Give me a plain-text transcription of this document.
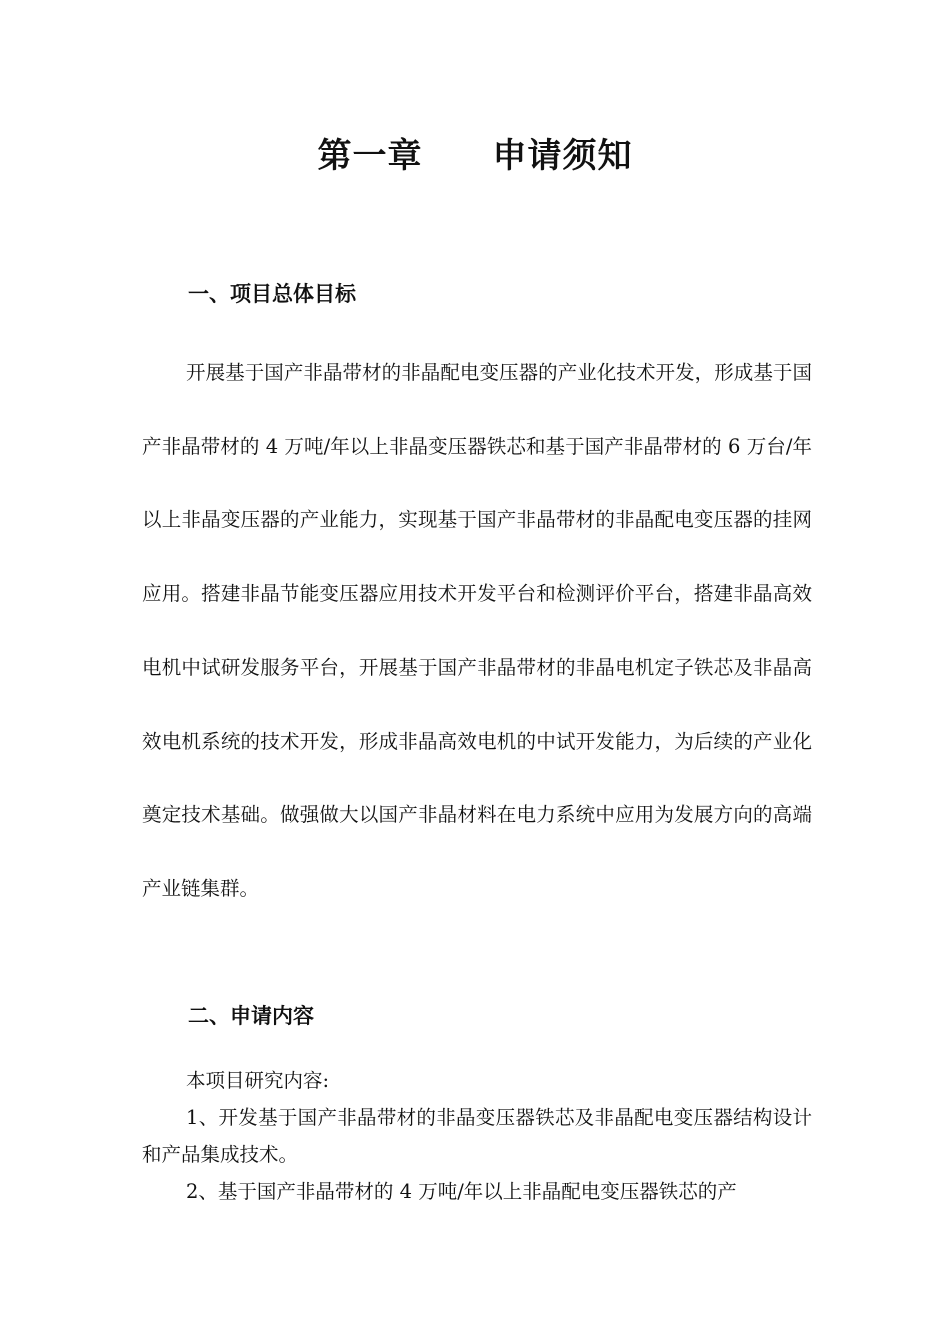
第一章　　申请须知
一、项目总体目标

开展基于国产非晶带材的非晶配电变压器的产业化技术开发，形成基于国产非晶带材的 4 万吨/年以上非晶变压器铁芯和基于国产非晶带材的 6 万台/年以上非晶变压器的产业能力，实现基于国产非晶带材的非晶配电变压器的挂网应用。搭建非晶节能变压器应用技术开发平台和检测评价平台，搭建非晶高效电机中试研发服务平台，开展基于国产非晶带材的非晶电机定子铁芯及非晶高效电机系统的技术开发，形成非晶高效电机的中试开发能力，为后续的产业化奠定技术基础。做强做大以国产非晶材料在电力系统中应用为发展方向的高端产业链集群。

二、申请内容

本项目研究内容:

1、开发基于国产非晶带材的非晶变压器铁芯及非晶配电变压器结构设计和产品集成技术。

2、基于国产非晶带材的 4 万吨/年以上非晶配电变压器铁芯的产
